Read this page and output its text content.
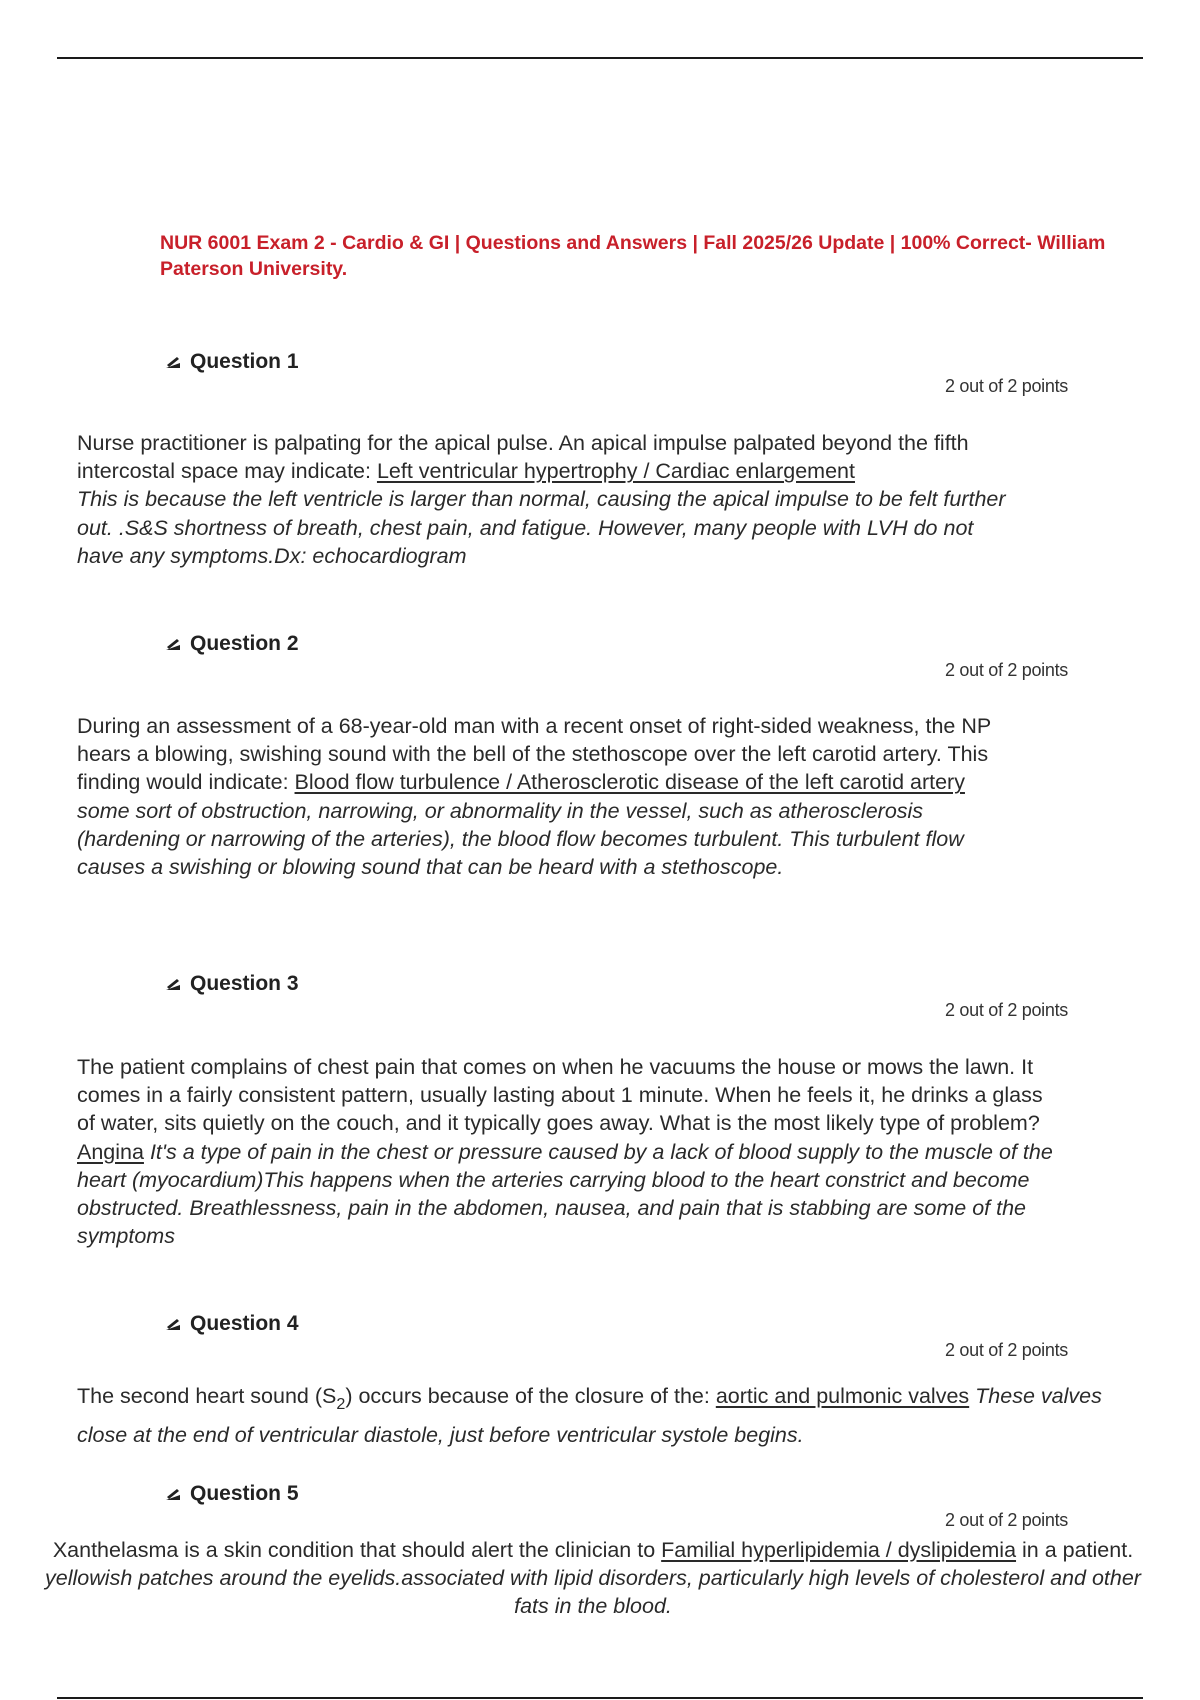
NUR 6001 Exam 2 - Cardio & GI | Questions and Answers | Fall 2025/26 Update | 100% Correct- William Paterson University.
Question 1
2 out of 2 points
Nurse practitioner is palpating for the apical pulse. An apical impulse palpated beyond the fifth intercostal space may indicate: Left ventricular hypertrophy / Cardiac enlargement
This is because the left ventricle is larger than normal, causing the apical impulse to be felt further out. .S&S shortness of breath, chest pain, and fatigue. However, many people with LVH do not have any symptoms.Dx: echocardiogram
Question 2
2 out of 2 points
During an assessment of a 68-year-old man with a recent onset of right-sided weakness, the NP hears a blowing, swishing sound with the bell of the stethoscope over the left carotid artery. This finding would indicate: Blood flow turbulence / Atherosclerotic disease of the left carotid artery some sort of obstruction, narrowing, or abnormality in the vessel, such as atherosclerosis (hardening or narrowing of the arteries), the blood flow becomes turbulent. This turbulent flow causes a swishing or blowing sound that can be heard with a stethoscope.
Question 3
2 out of 2 points
The patient complains of chest pain that comes on when he vacuums the house or mows the lawn. It comes in a fairly consistent pattern, usually lasting about 1 minute. When he feels it, he drinks a glass of water, sits quietly on the couch, and it typically goes away. What is the most likely type of problem? Angina It's a type of pain in the chest or pressure caused by a lack of blood supply to the muscle of the heart (myocardium)This happens when the arteries carrying blood to the heart constrict and become obstructed. Breathlessness, pain in the abdomen, nausea, and pain that is stabbing are some of the symptoms
Question 4
2 out of 2 points
The second heart sound $(S_2)$ occurs because of the closure of the: aortic and pulmonic valves These valves close at the end of ventricular diastole, just before ventricular systole begins.
Question 5
2 out of 2 points
Xanthelasma is a skin condition that should alert the clinician to Familial hyperlipidemia / dyslipidemia in a patient. yellowish patches around the eyelids.associated with lipid disorders, particularly high levels of cholesterol and other fats in the blood.
